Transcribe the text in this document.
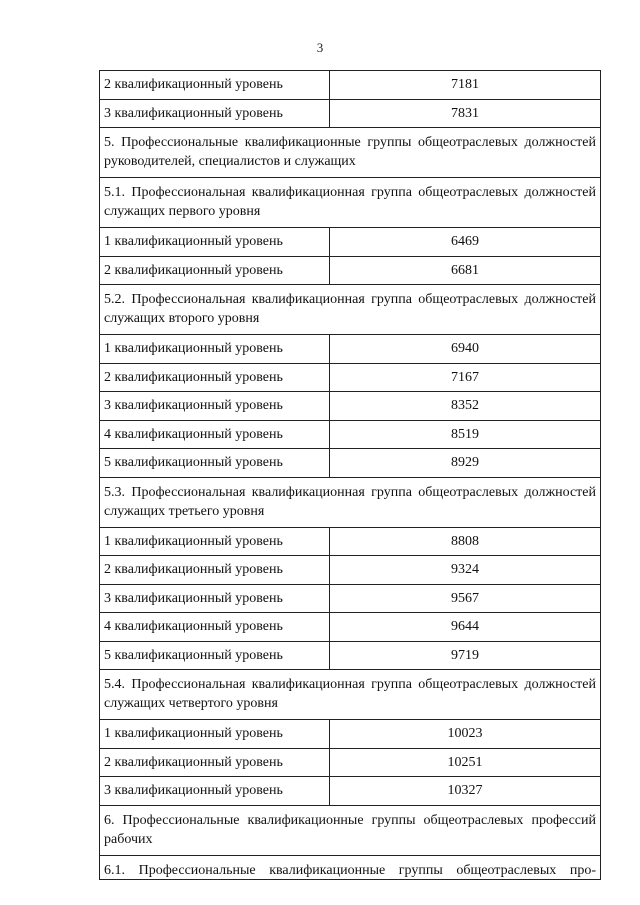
3
2 квалификационный уровень	7181
3 квалификационный уровень	7831
5. Профессиональные квалификационные группы общеотраслевых должностей руководителей, специалистов и служащих
5.1. Профессиональная квалификационная группа общеотраслевых должностей служащих первого уровня
1 квалификационный уровень	6469
2 квалификационный уровень	6681
5.2. Профессиональная квалификационная группа общеотраслевых должностей служащих второго уровня
1 квалификационный уровень	6940
2 квалификационный уровень	7167
3 квалификационный уровень	8352
4 квалификационный уровень	8519
5 квалификационный уровень	8929
5.3. Профессиональная квалификационная группа общеотраслевых должностей служащих третьего уровня
1 квалификационный уровень	8808
2 квалификационный уровень	9324
3 квалификационный уровень	9567
4 квалификационный уровень	9644
5 квалификационный уровень	9719
5.4. Профессиональная квалификационная группа общеотраслевых должностей служащих четвертого уровня
1 квалификационный уровень	10023
2 квалификационный уровень	10251
3 квалификационный уровень	10327
6. Профессиональные квалификационные группы общеотраслевых профессий рабочих
6.1. Профессиональные квалификационные группы общеотраслевых про-
